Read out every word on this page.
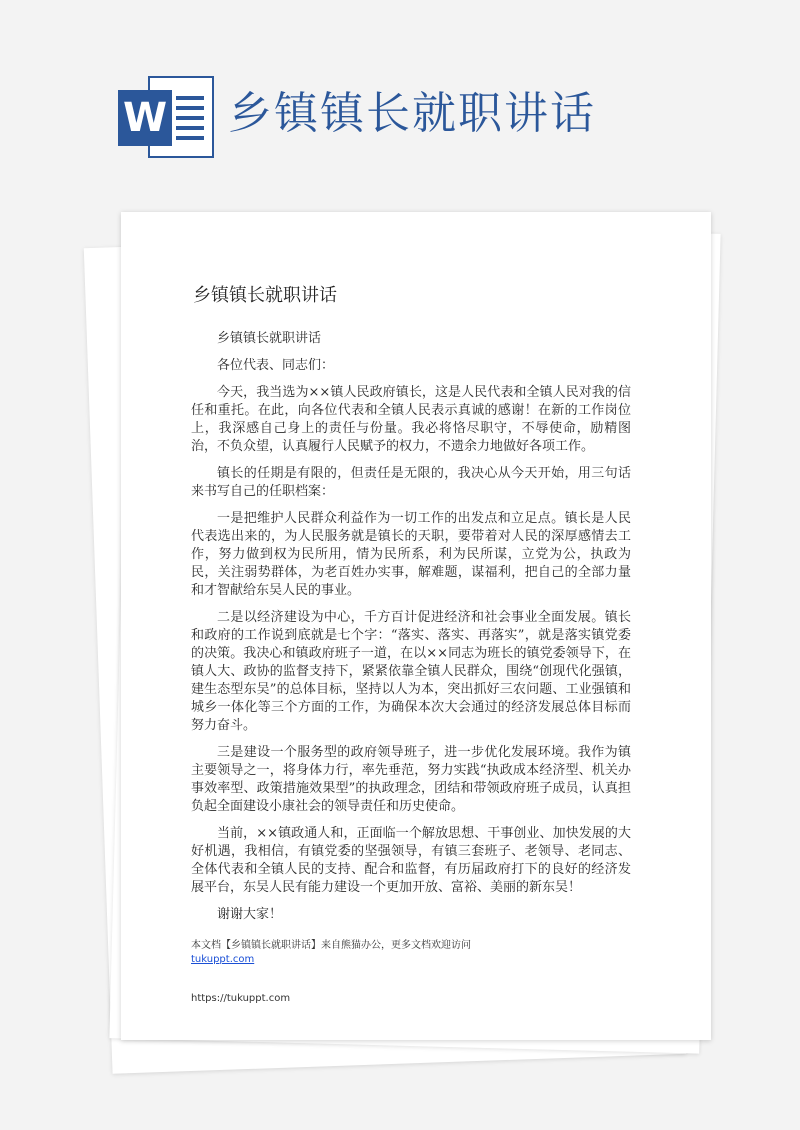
W 乡镇镇长就职讲话
乡镇镇长就职讲话

乡镇镇长就职讲话

各位代表、同志们：

今天，我当选为××镇人民政府镇长，这是人民代表和全镇人民对我的信任和重托。在此，向各位代表和全镇人民表示真诚的感谢！在新的工作岗位上，我深感自己身上的责任与份量。我必将恪尽职守，不辱使命，励精图治，不负众望，认真履行人民赋予的权力，不遗余力地做好各项工作。

镇长的任期是有限的，但责任是无限的，我决心从今天开始，用三句话来书写自己的任职档案：

一是把维护人民群众利益作为一切工作的出发点和立足点。镇长是人民代表选出来的，为人民服务就是镇长的天职，要带着对人民的深厚感情去工作，努力做到权为民所用，情为民所系，利为民所谋，立党为公，执政为民，关注弱势群体，为老百姓办实事，解难题，谋福利，把自己的全部力量和才智献给东吴人民的事业。

二是以经济建设为中心，千方百计促进经济和社会事业全面发展。镇长和政府的工作说到底就是七个字：“落实、落实、再落实”，就是落实镇党委的决策。我决心和镇政府班子一道，在以××同志为班长的镇党委领导下，在镇人大、政协的监督支持下，紧紧依靠全镇人民群众，围绕“创现代化强镇，建生态型东吴”的总体目标，坚持以人为本，突出抓好三农问题、工业强镇和城乡一体化等三个方面的工作，为确保本次大会通过的经济发展总体目标而努力奋斗。

三是建设一个服务型的政府领导班子，进一步优化发展环境。我作为镇主要领导之一，将身体力行，率先垂范，努力实践“执政成本经济型、机关办事效率型、政策措施效果型”的执政理念，团结和带领政府班子成员，认真担负起全面建设小康社会的领导责任和历史使命。

当前，××镇政通人和，正面临一个解放思想、干事创业、加快发展的大好机遇，我相信，有镇党委的坚强领导，有镇三套班子、老领导、老同志、全体代表和全镇人民的支持、配合和监督，有历届政府打下的良好的经济发展平台，东吴人民有能力建设一个更加开放、富裕、美丽的新东吴！

谢谢大家！

本文档【乡镇镇长就职讲话】来自熊猫办公，更多文档欢迎访问
tukuppt.com
https://tukuppt.com
